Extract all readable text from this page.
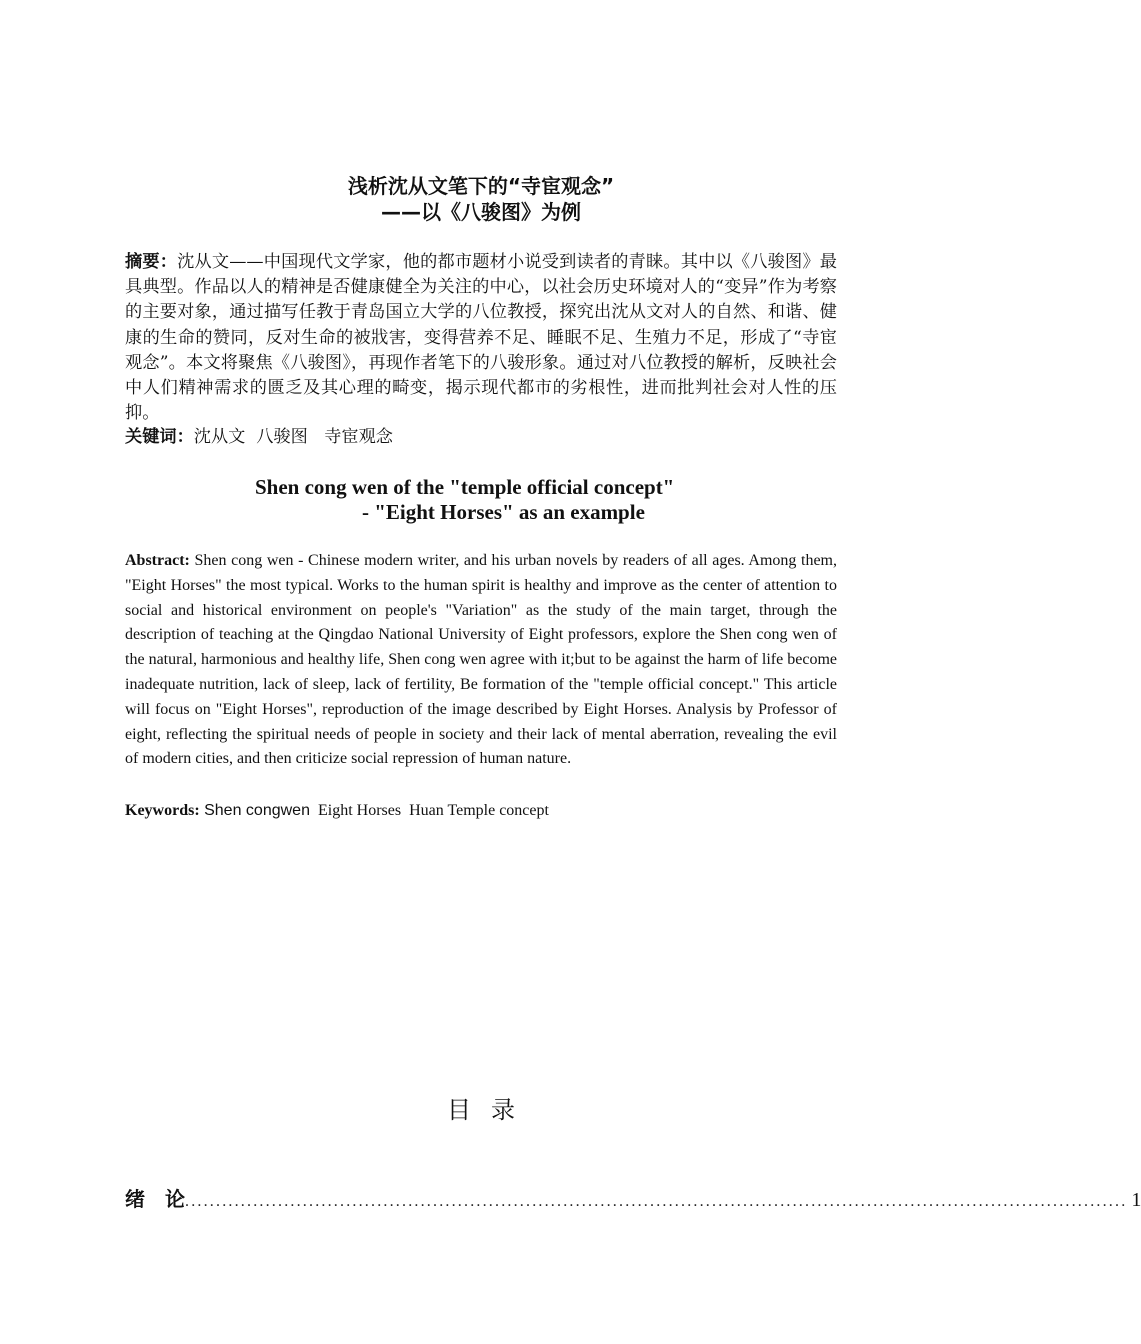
浅析沈从文笔下的“寺宦观念”
——以《八骏图》为例

摘要：沈从文——中国现代文学家，他的都市题材小说受到读者的青睐。其中以《八骏图》最具典型。作品以人的精神是否健康健全为关注的中心，以社会历史环境对人的“变异”作为考察的主要对象，通过描写任教于青岛国立大学的八位教授，探究出沈从文对人的自然、和谐、健康的生命的赞同，反对生命的被戕害，变得营养不足、睡眠不足、生殖力不足，形成了“寺宦观念”。本文将聚焦《八骏图》，再现作者笔下的八骏形象。通过对八位教授的解析，反映社会中人们精神需求的匮乏及其心理的畸变，揭示现代都市的劣根性，进而批判社会对人性的压抑。

关键词：沈从文  八骏图   寺宦观念

Shen cong wen of the "temple official concept"
- "Eight Horses" as an example

Abstract: Shen cong wen - Chinese modern writer, and his urban novels by readers of all ages. Among them, "Eight Horses" the most typical. Works to the human spirit is healthy and improve as the center of attention to social and historical environment on people's "Variation" as the study of the main target, through the description of teaching at the Qingdao National University of Eight professors, explore the Shen cong wen of the natural, harmonious and healthy life, Shen cong wen agree with it;but to be against the harm of life become inadequate nutrition, lack of sleep, lack of fertility, Be formation of the "temple official concept." This article will focus on "Eight Horses", reproduction of the image described by Eight Horses. Analysis by Professor of eight, reflecting the spiritual needs of people in society and their lack of mental aberration, revealing the evil of modern cities, and then criticize social repression of human nature.

Keywords: Shen congwen  Eight Horses  Huan Temple concept

目录
绪论
........................................................................................................................................................ 1
